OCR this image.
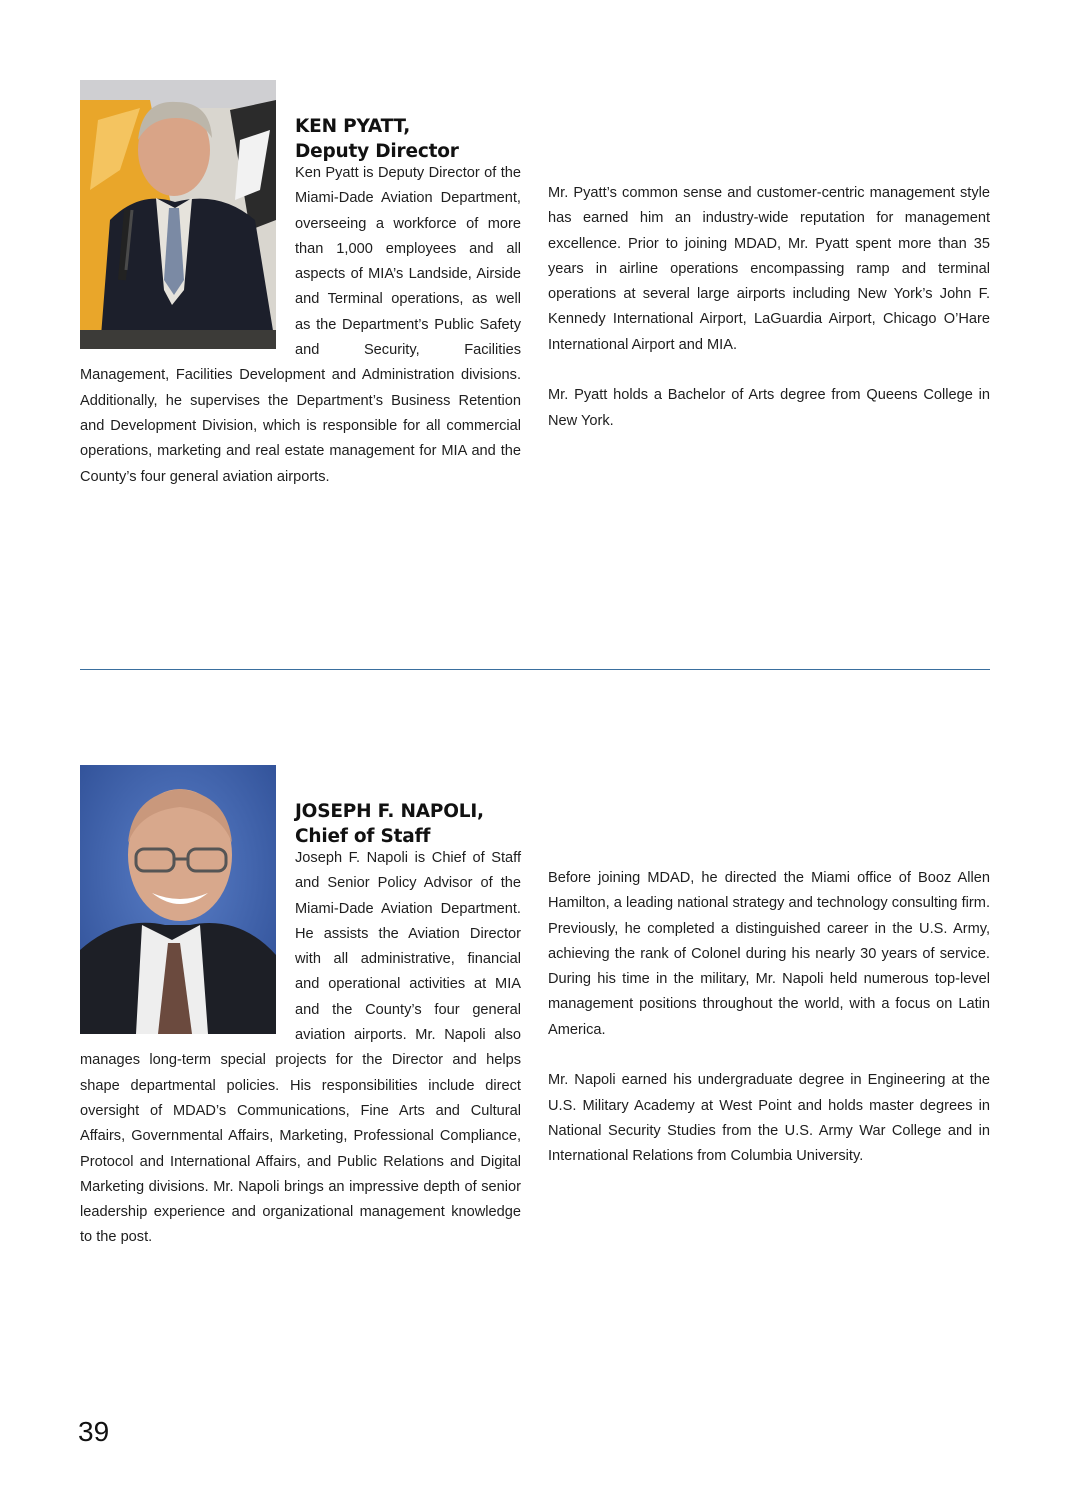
KEN PYATT,
Deputy Director

Ken Pyatt is Deputy Director of the Miami-Dade Aviation Department, overseeing a workforce of more than 1,000 employees and all aspects of MIA’s Landside, Airside and Terminal operations, as well as the Department’s Public Safety and Security, Facilities Management, Facilities Development and Administration divisions. Additionally, he supervises the Department’s Business Retention and Development Division, which is responsible for all commercial operations, marketing and real estate management for MIA and the County’s four general aviation airports.

Mr. Pyatt’s common sense and customer-centric management style has earned him an industry-wide reputation for management excellence. Prior to joining MDAD, Mr. Pyatt spent more than 35 years in airline operations encompassing ramp and terminal operations at several large airports including New York’s John F. Kennedy International Airport, LaGuardia Airport, Chicago O’Hare International Airport and MIA.

Mr. Pyatt holds a Bachelor of Arts degree from Queens College in New York.

JOSEPH F. NAPOLI,
Chief of Staff

Joseph F. Napoli is Chief of Staff and Senior Policy Advisor of the Miami-Dade Aviation Department. He assists the Aviation Director with all administrative, financial and operational activities at MIA and the County’s four general aviation airports. Mr. Napoli also manages long-term special projects for the Director and helps shape departmental policies. His responsibilities include direct oversight of MDAD’s Communications, Fine Arts and Cultural Affairs, Governmental Affairs, Marketing, Professional Compliance, Protocol and International Affairs, and Public Relations and Digital Marketing divisions. Mr. Napoli brings an impressive depth of senior leadership experience and organizational management knowledge to the post.

Before joining MDAD, he directed the Miami office of Booz Allen Hamilton, a leading national strategy and technology consulting firm. Previously, he completed a distinguished career in the U.S. Army, achieving the rank of Colonel during his nearly 30 years of service. During his time in the military, Mr. Napoli held numerous top-level management positions throughout the world, with a focus on Latin America.

Mr. Napoli earned his undergraduate degree in Engineering at the U.S. Military Academy at West Point and holds master degrees in National Security Studies from the U.S. Army War College and in International Relations from Columbia University.

39
